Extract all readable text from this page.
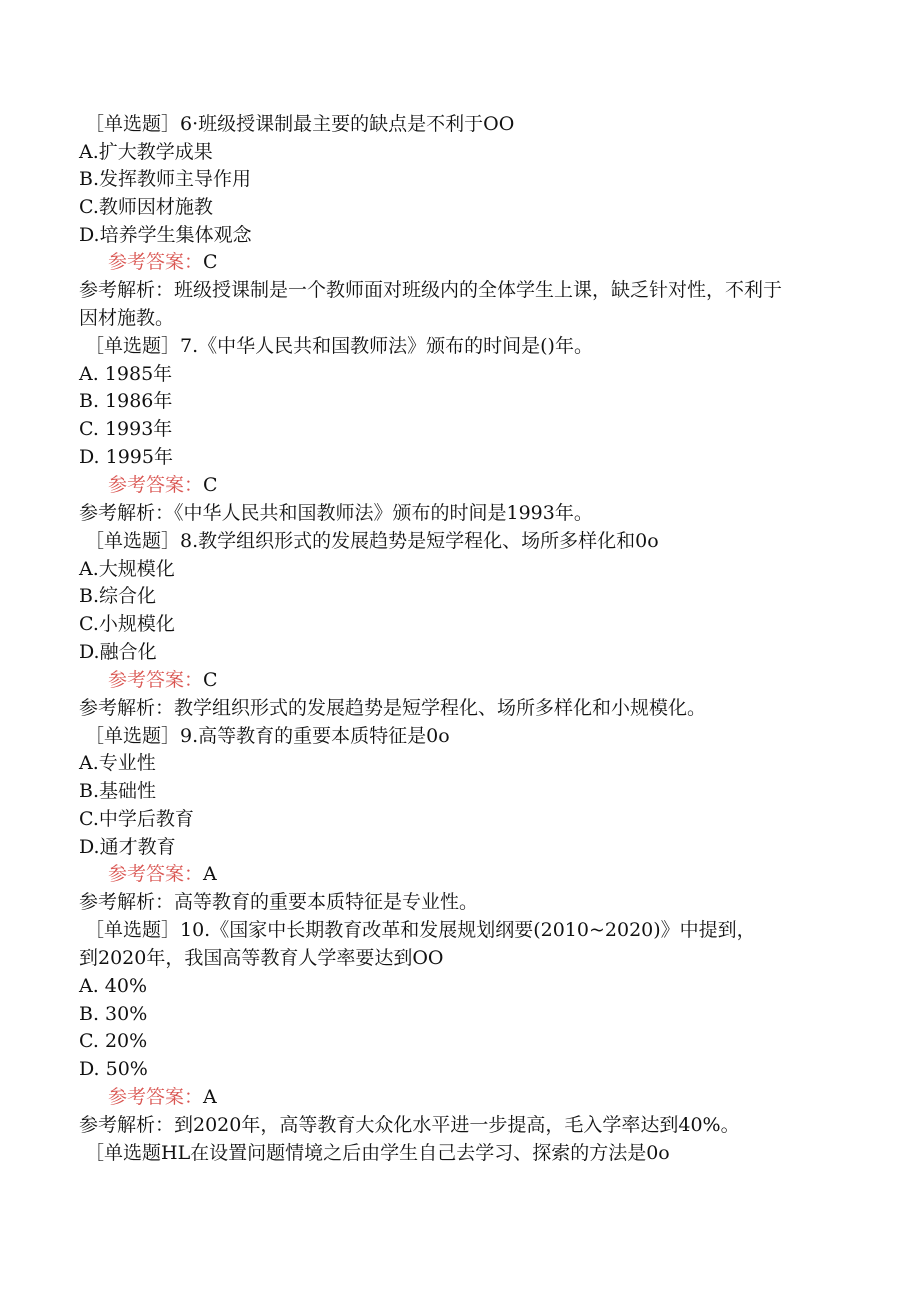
［单选题］6·班级授课制最主要的缺点是不利于OO
A.扩大教学成果
B.发挥教师主导作用
C.教师因材施教
D.培养学生集体观念
参考答案：C
参考解析：班级授课制是一个教师面对班级内的全体学生上课，缺乏针对性，不利于
因材施教。
［单选题］7.《中华人民共和国教师法》颁布的时间是()年。
A. 1985年
B. 1986年
C. 1993年
D. 1995年
参考答案：C
参考解析：《中华人民共和国教师法》颁布的时间是1993年。
［单选题］8.教学组织形式的发展趋势是短学程化、场所多样化和0o
A.大规模化
B.综合化
C.小规模化
D.融合化
参考答案：C
参考解析：教学组织形式的发展趋势是短学程化、场所多样化和小规模化。
［单选题］9.高等教育的重要本质特征是0o
A.专业性
B.基础性
C.中学后教育
D.通才教育
参考答案：A
参考解析：高等教育的重要本质特征是专业性。
［单选题］10.《国家中长期教育改革和发展规划纲要(2010~2020)》中提到，
到2020年，我国高等教育人学率要达到OO
A. 40%
B. 30%
C. 20%
D. 50%
参考答案：A
参考解析：到2020年，高等教育大众化水平进一步提高，毛入学率达到40%。
［单选题HL在设置问题情境之后由学生自己去学习、探索的方法是0o
